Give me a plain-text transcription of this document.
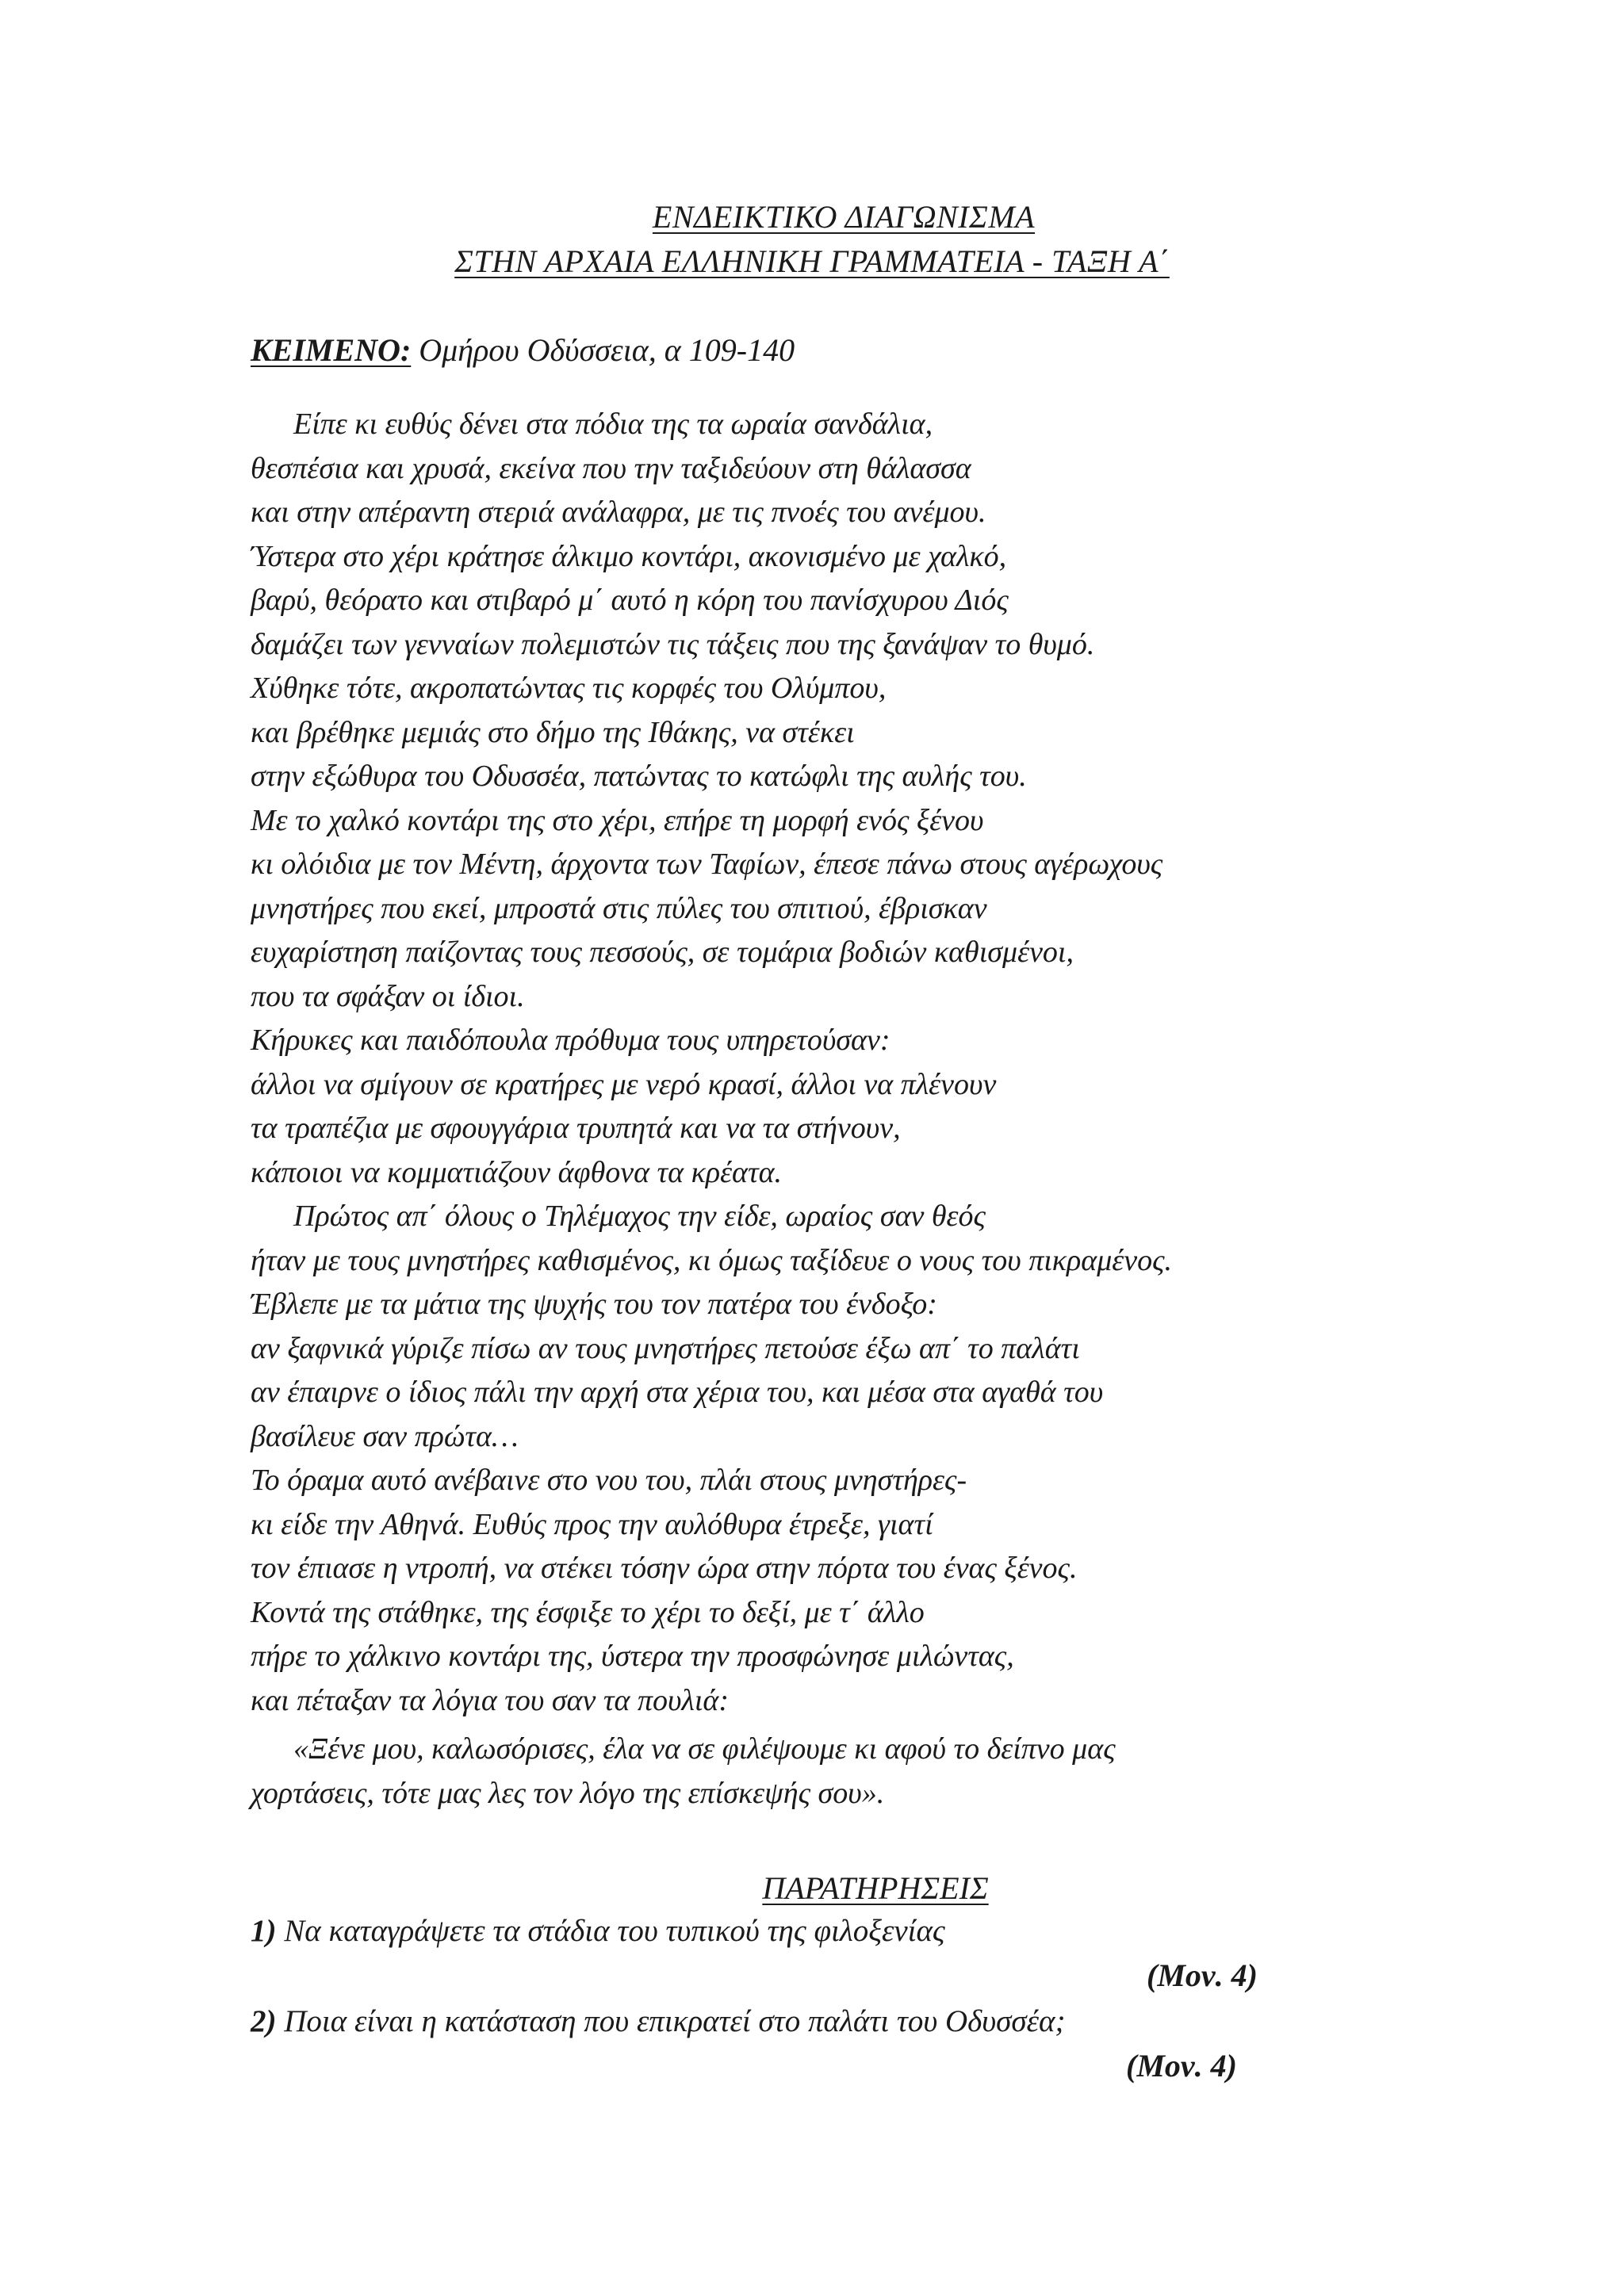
ΕΝΔΕΙΚΤΙΚΟ ΔΙΑΓΩΝΙΣΜΑ
ΣΤΗΝ ΑΡΧΑΙΑ ΕΛΛΗΝΙΚΗ ΓΡΑΜΜΑΤΕΙΑ - ΤΑΞΗ Α΄
ΚΕΙΜΕΝΟ: Ομήρου Οδύσσεια, α 109-140
Είπε κι ευθύς δένει στα πόδια της τα ωραία σανδάλια,
θεσπέσια και χρυσά, εκείνα που την ταξιδεύουν στη θάλασσα
και στην απέραντη στεριά ανάλαφρα, με τις πνοές του ανέμου.
Ύστερα στο χέρι κράτησε άλκιμο κοντάρι, ακονισμένο με χαλκό,
βαρύ, θεόρατο και στιβαρό μ΄ αυτό η κόρη του πανίσχυρου Διός
δαμάζει των γενναίων πολεμιστών τις τάξεις που της ξανάψαν το θυμό.
Χύθηκε τότε, ακροπατώντας τις κορφές του Ολύμπου,
και βρέθηκε μεμιάς στο δήμο της Ιθάκης, να στέκει
στην εξώθυρα του Οδυσσέα, πατώντας το κατώφλι της αυλής του.
Με το χαλκό κοντάρι της στο χέρι, επήρε τη μορφή ενός ξένου
κι ολόιδια με τον Μέντη, άρχοντα των Ταφίων, έπεσε πάνω στους αγέρωχους
μνηστήρες που εκεί, μπροστά στις πύλες του σπιτιού, έβρισκαν
ευχαρίστηση παίζοντας τους πεσσούς, σε τομάρια βοδιών καθισμένοι,
που τα σφάξαν οι ίδιοι.
Κήρυκες και παιδόπουλα πρόθυμα τους υπηρετούσαν:
άλλοι να σμίγουν σε κρατήρες με νερό κρασί, άλλοι να πλένουν
τα τραπέζια με σφουγγάρια τρυπητά και να τα στήνουν,
κάποιοι να κομματιάζουν άφθονα τα κρέατα.
Πρώτος απ΄ όλους ο Τηλέμαχος την είδε, ωραίος σαν θεός
ήταν με τους μνηστήρες καθισμένος, κι όμως ταξίδευε ο νους του πικραμένος.
Έβλεπε με τα μάτια της ψυχής του τον πατέρα του ένδοξο:
αν ξαφνικά γύριζε πίσω αν τους μνηστήρες πετούσε έξω απ΄ το παλάτι
αν έπαιρνε ο ίδιος πάλι την αρχή στα χέρια του, και μέσα στα αγαθά του
βασίλευε σαν πρώτα…
Το όραμα αυτό ανέβαινε στο νου του, πλάι στους μνηστήρες-
κι είδε την Αθηνά. Ευθύς προς την αυλόθυρα έτρεξε, γιατί
τον έπιασε η ντροπή, να στέκει τόσην ώρα στην πόρτα του ένας ξένος.
Κοντά της στάθηκε, της έσφιξε το χέρι το δεξί, με τ΄ άλλο
πήρε το χάλκινο κοντάρι της, ύστερα την προσφώνησε μιλώντας,
και πέταξαν τα λόγια του σαν τα πουλιά:
«Ξένε μου, καλωσόρισες, έλα να σε φιλέψουμε κι αφού το δείπνο μας
χορτάσεις, τότε μας λες τον λόγο της επίσκεψής σου».
ΠΑΡΑΤΗΡΗΣΕΙΣ
1) Να καταγράψετε τα στάδια του τυπικού της φιλοξενίας
(Μον. 4)
2) Ποια είναι η κατάσταση που επικρατεί στο παλάτι του Οδυσσέα;
(Μον. 4)
